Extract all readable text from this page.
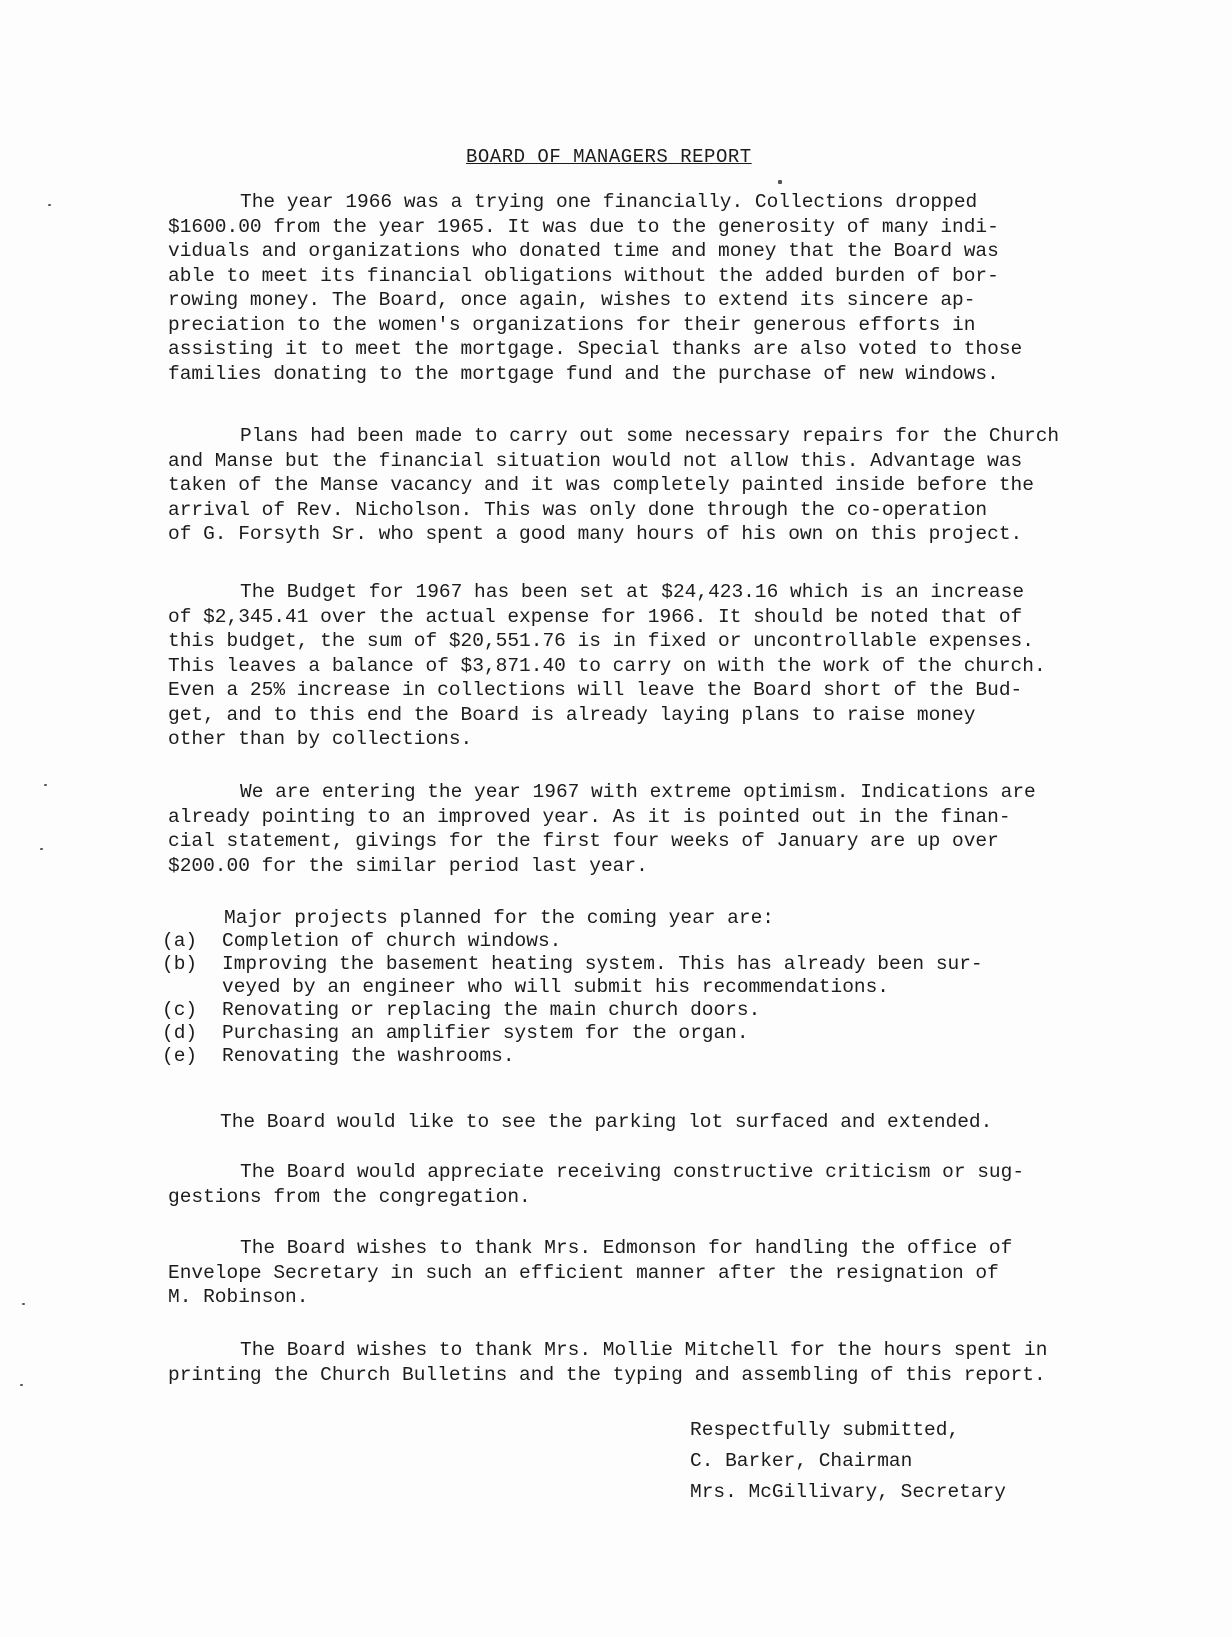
BOARD OF MANAGERS REPORT

The year 1966 was a trying one financially. Collections dropped
$1600.00 from the year 1965. It was due to the generosity of many indi-
viduals and organizations who donated time and money that the Board was
able to meet its financial obligations without the added burden of bor-
rowing money. The Board, once again, wishes to extend its sincere ap-
preciation to the women's organizations for their generous efforts in
assisting it to meet the mortgage. Special thanks are also voted to those
families donating to the mortgage fund and the purchase of new windows.

Plans had been made to carry out some necessary repairs for the Church
and Manse but the financial situation would not allow this. Advantage was
taken of the Manse vacancy and it was completely painted inside before the
arrival of Rev. Nicholson. This was only done through the co-operation
of G. Forsyth Sr. who spent a good many hours of his own on this project.

The Budget for 1967 has been set at $24,423.16 which is an increase
of $2,345.41 over the actual expense for 1966. It should be noted that of
this budget, the sum of $20,551.76 is in fixed or uncontrollable expenses.
This leaves a balance of $3,871.40 to carry on with the work of the church.
Even a 25% increase in collections will leave the Board short of the Bud-
get, and to this end the Board is already laying plans to raise money
other than by collections.

We are entering the year 1967 with extreme optimism. Indications are
already pointing to an improved year. As it is pointed out in the finan-
cial statement, givings for the first four weeks of January are up over
$200.00 for the similar period last year.

Major projects planned for the coming year are:

(a)	Completion of church windows.
(b)	Improving the basement heating system. This has already been sur-
veyed by an engineer who will submit his recommendations.
(c)	Renovating or replacing the main church doors.
(d)	Purchasing an amplifier system for the organ.
(e)	Renovating the washrooms.

The Board would like to see the parking lot surfaced and extended.

The Board would appreciate receiving constructive criticism or sug-
gestions from the congregation.

The Board wishes to thank Mrs. Edmonson for handling the office of
Envelope Secretary in such an efficient manner after the resignation of
M. Robinson.

The Board wishes to thank Mrs. Mollie Mitchell for the hours spent in
printing the Church Bulletins and the typing and assembling of this report.

Respectfully submitted,
C. Barker, Chairman
Mrs. McGillivary, Secretary
